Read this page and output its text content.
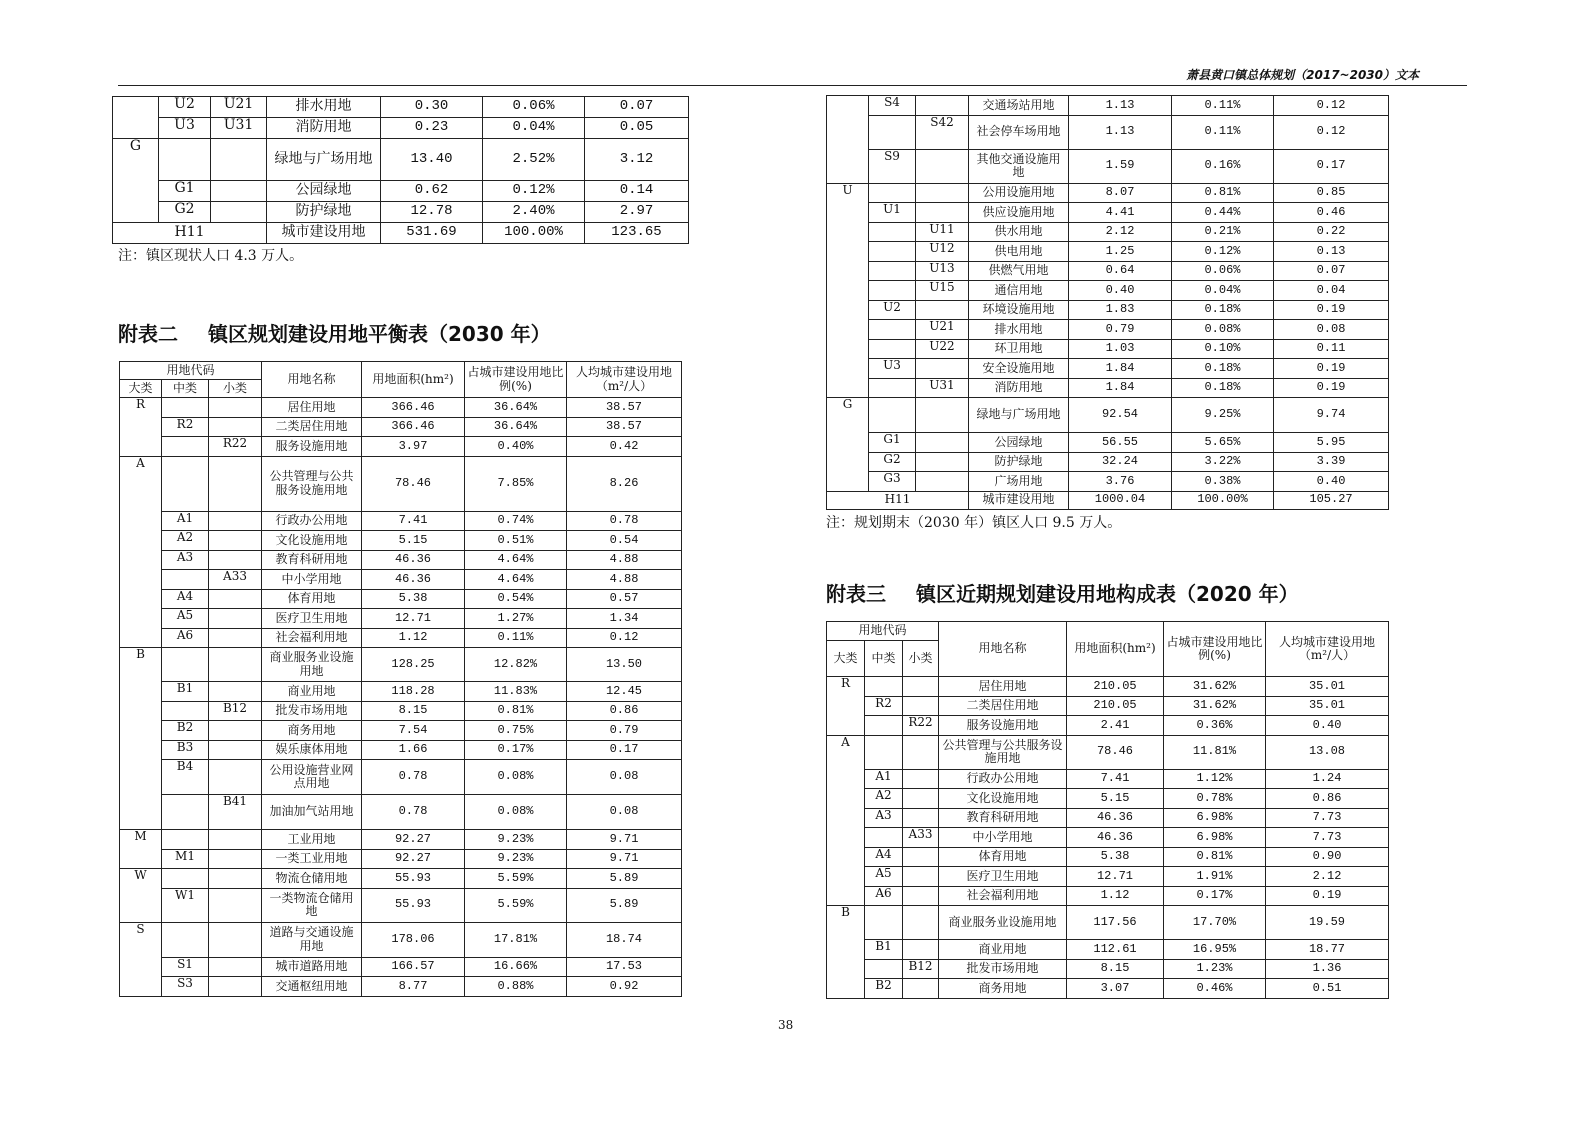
萧县黄口镇总体规划（2017~2030）文本
	U2	U21	排水用地	0.30	0.06%	0.07
	U3	U31	消防用地	0.23	0.04%	0.05
G			绿地与广场用地	13.40	2.52%	3.12
	G1		公园绿地	0.62	0.12%	0.14
	G2		防护绿地	12.78	2.40%	2.97
H11			城市建设用地	531.69	100.00%	123.65
注：镇区现状人口 4.3 万人。
附表二 镇区规划建设用地平衡表（2030 年）
用地代码			用地名称	用地面积(hm²)	占城市建设用地比例(%)	人均城市建设用地（m²/人）
大类	中类	小类				
R			居住用地	366.46	36.64%	38.57
	R2		二类居住用地	366.46	36.64%	38.57
		R22	服务设施用地	3.97	0.40%	0.42
A			公共管理与公共服务设施用地	78.46	7.85%	8.26
	A1		行政办公用地	7.41	0.74%	0.78
	A2		文化设施用地	5.15	0.51%	0.54
	A3		教育科研用地	46.36	4.64%	4.88
		A33	中小学用地	46.36	4.64%	4.88
	A4		体育用地	5.38	0.54%	0.57
	A5		医疗卫生用地	12.71	1.27%	1.34
	A6		社会福利用地	1.12	0.11%	0.12
B			商业服务业设施用地	128.25	12.82%	13.50
	B1		商业用地	118.28	11.83%	12.45
		B12	批发市场用地	8.15	0.81%	0.86
	B2		商务用地	7.54	0.75%	0.79
	B3		娱乐康体用地	1.66	0.17%	0.17
	B4		公用设施营业网点用地	0.78	0.08%	0.08
		B41	加油加气站用地	0.78	0.08%	0.08
M			工业用地	92.27	9.23%	9.71
	M1		一类工业用地	92.27	9.23%	9.71
W			物流仓储用地	55.93	5.59%	5.89
	W1		一类物流仓储用地	55.93	5.59%	5.89
S			道路与交通设施用地	178.06	17.81%	18.74
	S1		城市道路用地	166.57	16.66%	17.53
	S3		交通枢纽用地	8.77	0.88%	0.92
	S4		交通场站用地	1.13	0.11%	0.12
		S42	社会停车场用地	1.13	0.11%	0.12
	S9		其他交通设施用地	1.59	0.16%	0.17
U			公用设施用地	8.07	0.81%	0.85
	U1		供应设施用地	4.41	0.44%	0.46
		U11	供水用地	2.12	0.21%	0.22
		U12	供电用地	1.25	0.12%	0.13
		U13	供燃气用地	0.64	0.06%	0.07
		U15	通信用地	0.40	0.04%	0.04
	U2		环境设施用地	1.83	0.18%	0.19
		U21	排水用地	0.79	0.08%	0.08
		U22	环卫用地	1.03	0.10%	0.11
	U3		安全设施用地	1.84	0.18%	0.19
		U31	消防用地	1.84	0.18%	0.19
G			绿地与广场用地	92.54	9.25%	9.74
	G1		公园绿地	56.55	5.65%	5.95
	G2		防护绿地	32.24	3.22%	3.39
	G3		广场用地	3.76	0.38%	0.40
H11			城市建设用地	1000.04	100.00%	105.27
注：规划期末（2030 年）镇区人口 9.5 万人。
附表三 镇区近期规划建设用地构成表（2020 年）
用地代码			用地名称	用地面积(hm²)	占城市建设用地比例(%)	人均城市建设用地（m²/人）
大类	中类	小类				
R			居住用地	210.05	31.62%	35.01
	R2		二类居住用地	210.05	31.62%	35.01
		R22	服务设施用地	2.41	0.36%	0.40
A			公共管理与公共服务设施用地	78.46	11.81%	13.08
	A1		行政办公用地	7.41	1.12%	1.24
	A2		文化设施用地	5.15	0.78%	0.86
	A3		教育科研用地	46.36	6.98%	7.73
		A33	中小学用地	46.36	6.98%	7.73
	A4		体育用地	5.38	0.81%	0.90
	A5		医疗卫生用地	12.71	1.91%	2.12
	A6		社会福利用地	1.12	0.17%	0.19
B			商业服务业设施用地	117.56	17.70%	19.59
	B1		商业用地	112.61	16.95%	18.77
		B12	批发市场用地	8.15	1.23%	1.36
	B2		商务用地	3.07	0.46%	0.51
38
